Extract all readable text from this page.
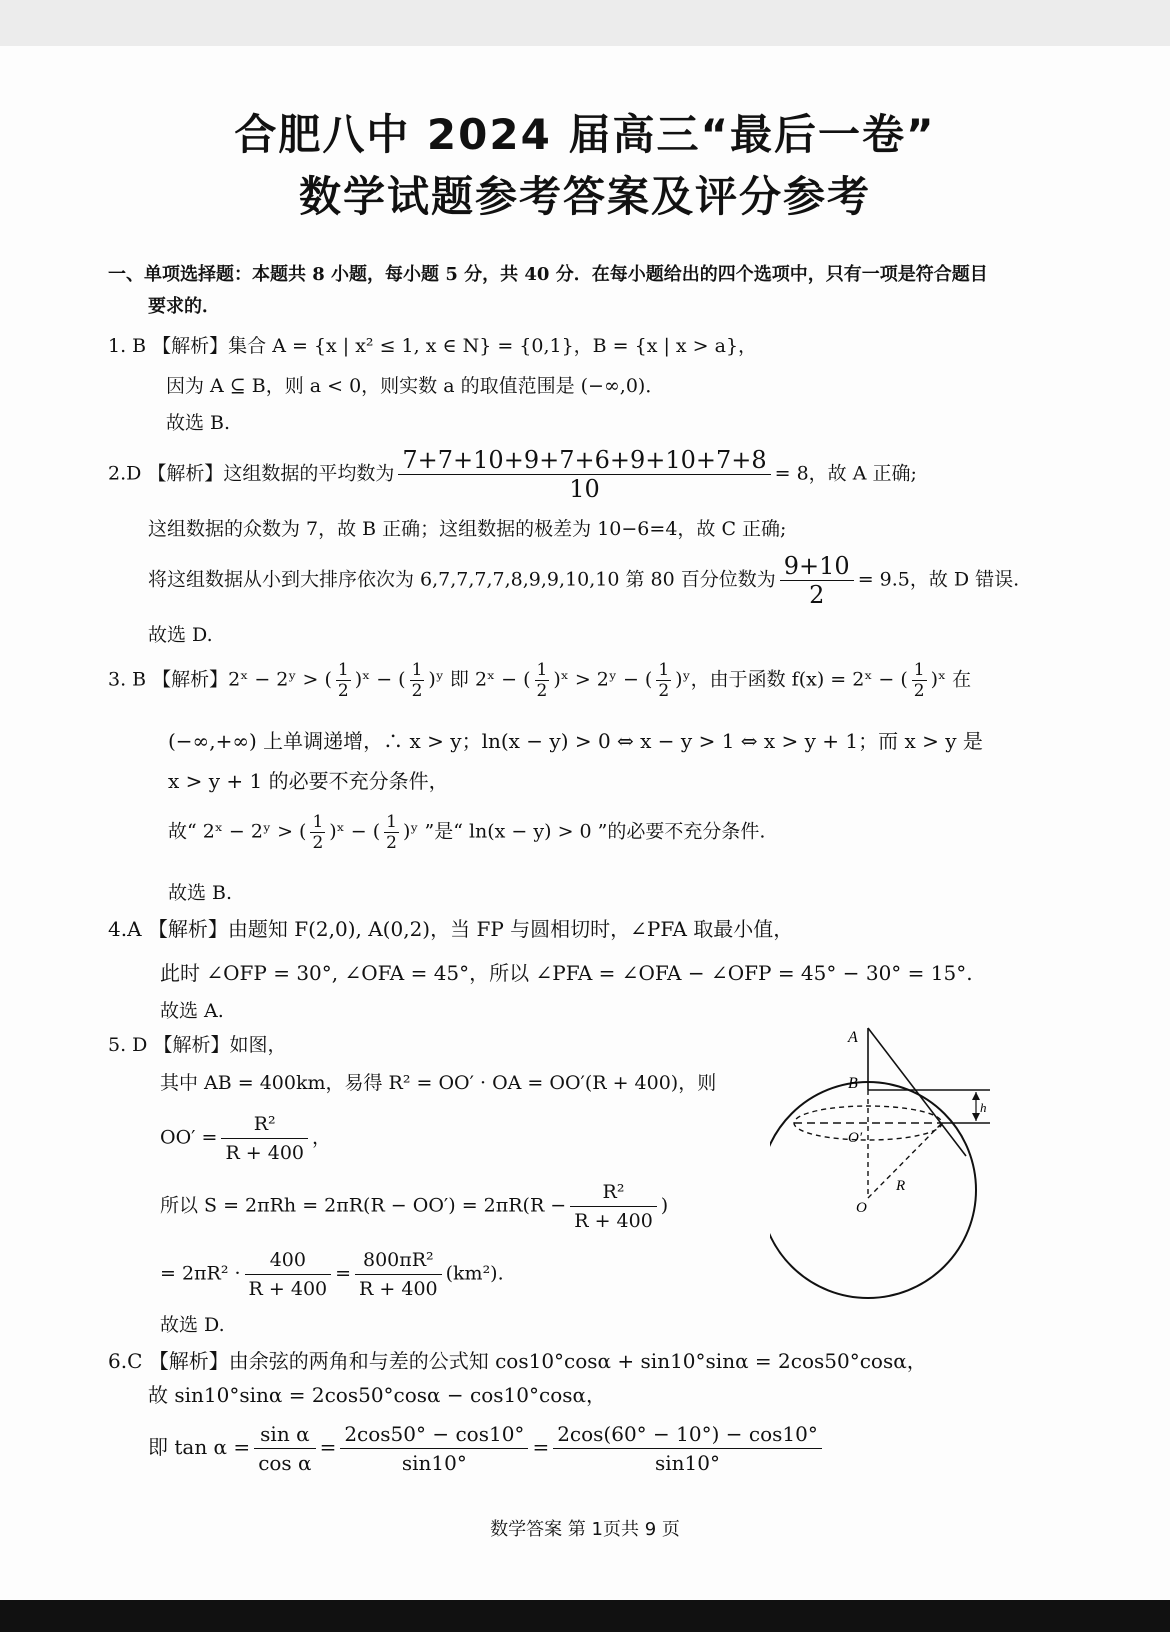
合肥八中 2024 届高三“最后一卷”
数学试题参考答案及评分参考
一、单项选择题：本题共 8 小题，每小题 5 分，共 40 分．在每小题给出的四个选项中，只有一项是符合题目
要求的．
1. B 【解析】集合 A = {x | x² ≤ 1, x ∈ N} = {0,1}，B = {x | x > a}，
因为 A ⊆ B，则 a < 0，则实数 a 的取值范围是 (−∞,0)．
故选 B.
2.D 【解析】这组数据的平均数为 $\frac{7+7+10+9+7+6+9+10+7+8}{10} = 8$，故 A 正确;
这组数据的众数为 7，故 B 正确；这组数据的极差为 10−6=4，故 C 正确;
将这组数据从小到大排序依次为 6,7,7,7,7,8,9,9,10,10 第 80 百分位数为 $\frac{9+10}{2} = 9.5$，故 D 错误.
故选 D.
3. B 【解析】2ˣ − 2ʸ > ( $\frac{1}{2}$ )ˣ − ( $\frac{1}{2}$ )ʸ 即 2ˣ − ( $\frac{1}{2}$ )ˣ > 2ʸ − ( $\frac{1}{2}$ )ʸ，由于函数 f(x) = 2ˣ − ( $\frac{1}{2}$ )ˣ 在
(−∞,+∞) 上单调递增，∴ x > y；ln(x − y) > 0 ⇔ x − y > 1 ⇔ x > y + 1；而 x > y 是
x > y + 1 的必要不充分条件，
故“ 2ˣ − 2ʸ > ( $\frac{1}{2}$ )ˣ − ( $\frac{1}{2}$ )ʸ ”是“ ln(x − y) > 0 ”的必要不充分条件.
故选 B.
4.A 【解析】由题知 F(2,0), A(0,2)，当 FP 与圆相切时，∠PFA 取最小值，
此时 ∠OFP = 30°, ∠OFA = 45°，所以 ∠PFA = ∠OFA − ∠OFP = 45° − 30° = 15°.
故选 A.
5. D 【解析】如图，
其中 AB = 400km，易得 R² = OO′ · OA = OO′(R + 400)，则
$OO' = \frac{\text{R²}}{R + 400}$ ，
所以 $S = 2\pi Rh = 2\pi R(R - OO') = 2\pi R(R - \frac{\text{R²}}{R + 400}$ )
= $2\pi R^2 \cdot \frac{400}{R + 400} = \frac{\text{800πR²}}{R + 400} (km^2)$.
故选 D.
A
B
O′
O
R
h
6.C 【解析】由余弦的两角和与差的公式知 cos10°cosα + sin10°sinα = 2cos50°cosα，
故 sin10°sinα = 2cos50°cosα − cos10°cosα，
即 $\tan \alpha = \frac{\text{sin α}}{\text{cos α}} = \frac{2\cos 50^\circ - \cos 10^\circ}{\sin 10^\circ} = \frac{2\cos(60^\circ - 10^\circ) - \cos 10^\circ}{\sin 10^\circ}$
数学答案 第 1页共 9 页
